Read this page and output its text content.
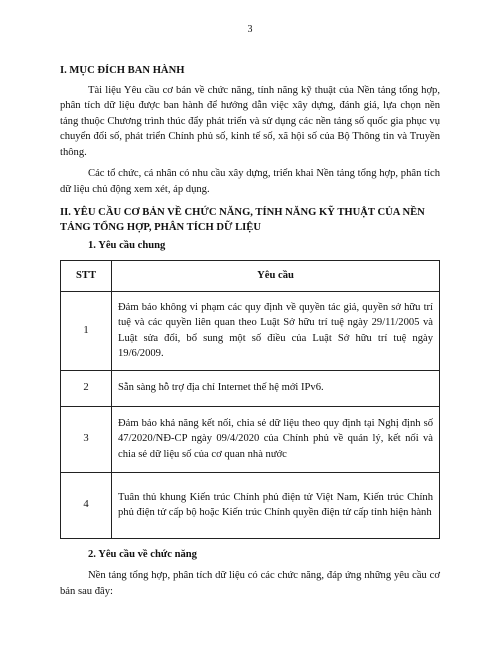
3
I. MỤC ĐÍCH BAN HÀNH

Tài liệu Yêu cầu cơ bản về chức năng, tính năng kỹ thuật của Nền tảng tổng hợp, phân tích dữ liệu được ban hành để hướng dẫn việc xây dựng, đánh giá, lựa chọn nền tảng thuộc Chương trình thúc đẩy phát triển và sử dụng các nền tảng số quốc gia phục vụ chuyển đổi số, phát triển Chính phủ số, kinh tế số, xã hội số của Bộ Thông tin và Truyền thông.

Các tổ chức, cá nhân có nhu cầu xây dựng, triển khai Nền tảng tổng hợp, phân tích dữ liệu chủ động xem xét, áp dụng.

II. YÊU CẦU CƠ BẢN VỀ CHỨC NĂNG, TÍNH NĂNG KỸ THUẬT CỦA NỀN TẢNG TỔNG HỢP, PHÂN TÍCH DỮ LIỆU
1. Yêu cầu chung
STT	Yêu cầu
1	Đảm bảo không vi phạm các quy định về quyền tác giả, quyền sở hữu trí tuệ và các quyền liên quan theo Luật Sở hữu trí tuệ ngày 29/11/2005 và Luật sửa đổi, bổ sung một số điều của Luật Sở hữu trí tuệ ngày 19/6/2009.
2	Sẵn sàng hỗ trợ địa chỉ Internet thế hệ mới IPv6.
3	Đảm bảo khả năng kết nối, chia sẻ dữ liệu theo quy định tại Nghị định số 47/2020/NĐ-CP ngày 09/4/2020 của Chính phủ về quản lý, kết nối và chia sẻ dữ liệu số của cơ quan nhà nước
4	Tuân thủ khung Kiến trúc Chính phủ điện tử Việt Nam, Kiến trúc Chính phủ điện tử cấp bộ hoặc Kiến trúc Chính quyền điện tử cấp tỉnh hiện hành
2. Yêu cầu về chức năng

Nền tảng tổng hợp, phân tích dữ liệu có các chức năng, đáp ứng những yêu cầu cơ bản sau đây:
